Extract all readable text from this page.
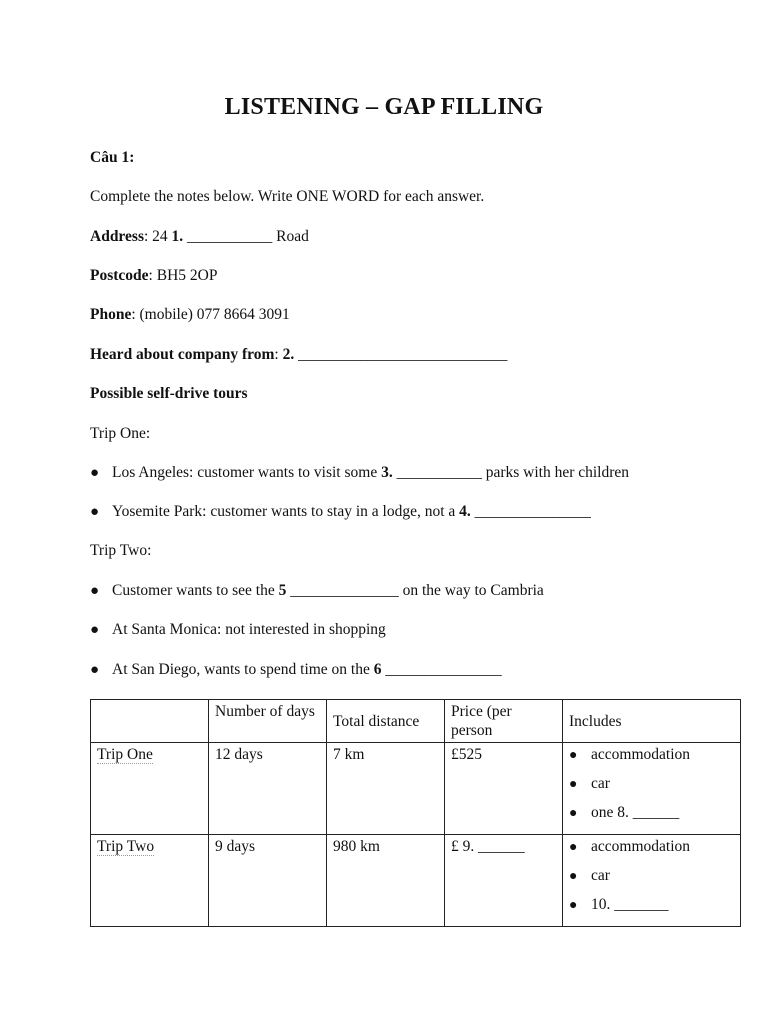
LISTENING – GAP FILLING
Câu 1:
Complete the notes below. Write ONE WORD for each answer.
Address: 24 1. ___________ Road
Postcode: BH5 2OP
Phone: (mobile) 077 8664 3091
Heard about company from: 2. ___________________________
Possible self-drive tours
Trip One:
● Los Angeles: customer wants to visit some 3. ___________ parks with her children
● Yosemite Park: customer wants to stay in a lodge, not a 4. _______________
Trip Two:
● Customer wants to see the 5 ______________ on the way to Cambria
● At Santa Monica: not interested in shopping
● At San Diego, wants to spend time on the 6 _______________
	Number of days	Total distance	Price (per person	Includes
Trip One	12 days	7 km	£525	● accommodation
● car
● one 8. ______

Trip Two	9 days	980 km	£ 9. ______	● accommodation
● car
● 10. _______
